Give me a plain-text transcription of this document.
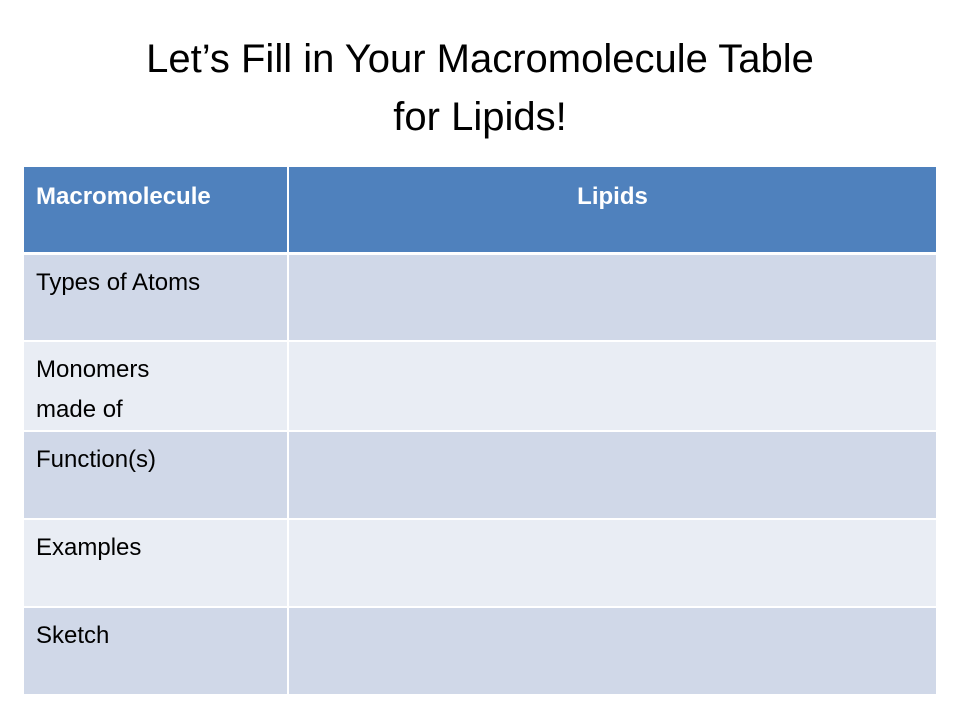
Let’s Fill in Your Macromolecule Table
for Lipids!
Macromolecule	Lipids

Types of Atoms	

Monomers
made of	

Function(s)	

Examples	

Sketch	
